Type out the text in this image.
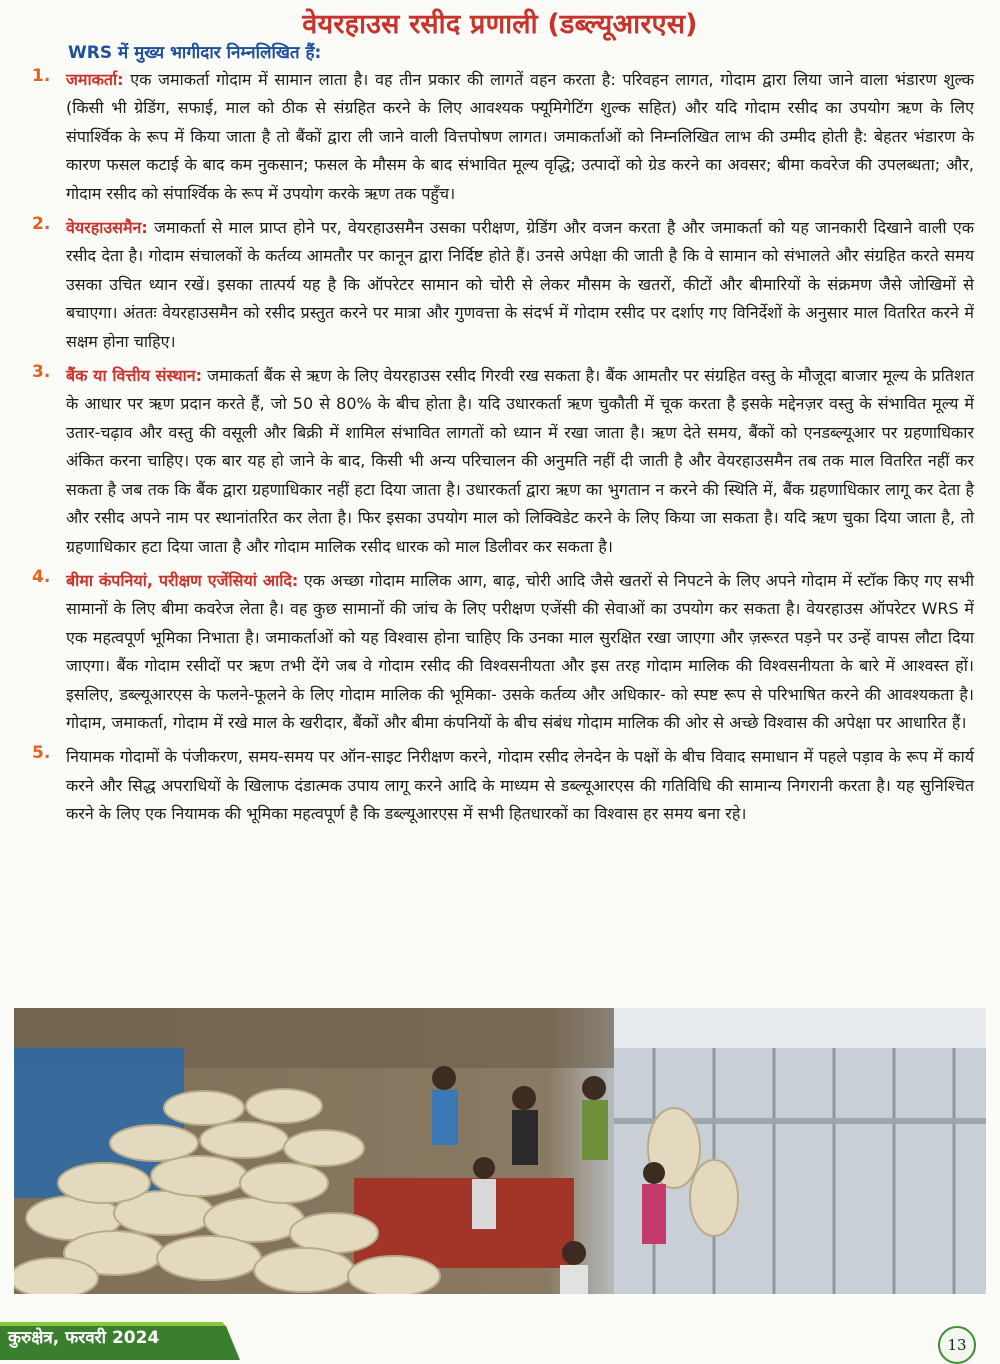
वेयरहाउस रसीद प्रणाली (डब्ल्यूआरएस)
WRS में मुख्य भागीदार निम्नलिखित हैं:
1. जमाकर्ता: एक जमाकर्ता गोदाम में सामान लाता है। वह तीन प्रकार की लागतें वहन करता है: परिवहन लागत, गोदाम द्वारा लिया जाने वाला भंडारण शुल्क (किसी भी ग्रेडिंग, सफाई, माल को ठीक से संग्रहित करने के लिए आवश्यक फ्यूमिगेटिंग शुल्क सहित) और यदि गोदाम रसीद का उपयोग ऋण के लिए संपार्श्विक के रूप में किया जाता है तो बैंकों द्वारा ली जाने वाली वित्तपोषण लागत। जमाकर्ताओं को निम्नलिखित लाभ की उम्मीद होती है: बेहतर भंडारण के कारण फसल कटाई के बाद कम नुकसान; फसल के मौसम के बाद संभावित मूल्य वृद्धि; उत्पादों को ग्रेड करने का अवसर; बीमा कवरेज की उपलब्धता; और, गोदाम रसीद को संपार्श्विक के रूप में उपयोग करके ऋण तक पहुँच।
2. वेयरहाउसमैन: जमाकर्ता से माल प्राप्त होने पर, वेयरहाउसमैन उसका परीक्षण, ग्रेडिंग और वजन करता है और जमाकर्ता को यह जानकारी दिखाने वाली एक रसीद देता है। गोदाम संचालकों के कर्तव्य आमतौर पर कानून द्वारा निर्दिष्ट होते हैं। उनसे अपेक्षा की जाती है कि वे सामान को संभालते और संग्रहित करते समय उसका उचित ध्यान रखें। इसका तात्पर्य यह है कि ऑपरेटर सामान को चोरी से लेकर मौसम के खतरों, कीटों और बीमारियों के संक्रमण जैसे जोखिमों से बचाएगा। अंततः वेयरहाउसमैन को रसीद प्रस्तुत करने पर मात्रा और गुणवत्ता के संदर्भ में गोदाम रसीद पर दर्शाए गए विनिर्देशों के अनुसार माल वितरित करने में सक्षम होना चाहिए।
3. बैंक या वित्तीय संस्थान: जमाकर्ता बैंक से ऋण के लिए वेयरहाउस रसीद गिरवी रख सकता है। बैंक आमतौर पर संग्रहित वस्तु के मौजूदा बाजार मूल्य के प्रतिशत के आधार पर ऋण प्रदान करते हैं, जो 50 से 80% के बीच होता है। यदि उधारकर्ता ऋण चुकौती में चूक करता है इसके मद्देनज़र वस्तु के संभावित मूल्य में उतार-चढ़ाव और वस्तु की वसूली और बिक्री में शामिल संभावित लागतों को ध्यान में रखा जाता है। ऋण देते समय, बैंकों को एनडब्ल्यूआर पर ग्रहणाधिकार अंकित करना चाहिए। एक बार यह हो जाने के बाद, किसी भी अन्य परिचालन की अनुमति नहीं दी जाती है और वेयरहाउसमैन तब तक माल वितरित नहीं कर सकता है जब तक कि बैंक द्वारा ग्रहणाधिकार नहीं हटा दिया जाता है। उधारकर्ता द्वारा ऋण का भुगतान न करने की स्थिति में, बैंक ग्रहणाधिकार लागू कर देता है और रसीद अपने नाम पर स्थानांतरित कर लेता है। फिर इसका उपयोग माल को लिक्विडेट करने के लिए किया जा सकता है। यदि ऋण चुका दिया जाता है, तो ग्रहणाधिकार हटा दिया जाता है और गोदाम मालिक रसीद धारक को माल डिलीवर कर सकता है।
4. बीमा कंपनियां, परीक्षण एजेंसियां आदि: एक अच्छा गोदाम मालिक आग, बाढ़, चोरी आदि जैसे खतरों से निपटने के लिए अपने गोदाम में स्टॉक किए गए सभी सामानों के लिए बीमा कवरेज लेता है। वह कुछ सामानों की जांच के लिए परीक्षण एजेंसी की सेवाओं का उपयोग कर सकता है। वेयरहाउस ऑपरेटर WRS में एक महत्वपूर्ण भूमिका निभाता है। जमाकर्ताओं को यह विश्वास होना चाहिए कि उनका माल सुरक्षित रखा जाएगा और ज़रूरत पड़ने पर उन्हें वापस लौटा दिया जाएगा। बैंक गोदाम रसीदों पर ऋण तभी देंगे जब वे गोदाम रसीद की विश्वसनीयता और इस तरह गोदाम मालिक की विश्वसनीयता के बारे में आश्वस्त हों। इसलिए, डब्ल्यूआरएस के फलने-फूलने के लिए गोदाम मालिक की भूमिका- उसके कर्तव्य और अधिकार- को स्पष्ट रूप से परिभाषित करने की आवश्यकता है। गोदाम, जमाकर्ता, गोदाम में रखे माल के खरीदार, बैंकों और बीमा कंपनियों के बीच संबंध गोदाम मालिक की ओर से अच्छे विश्वास की अपेक्षा पर आधारित हैं।
5. नियामक गोदामों के पंजीकरण, समय-समय पर ऑन-साइट निरीक्षण करने, गोदाम रसीद लेनदेन के पक्षों के बीच विवाद समाधान में पहले पड़ाव के रूप में कार्य करने और सिद्ध अपराधियों के खिलाफ दंडात्मक उपाय लागू करने आदि के माध्यम से डब्ल्यूआरएस की गतिविधि की सामान्य निगरानी करता है। यह सुनिश्चित करने के लिए एक नियामक की भूमिका महत्वपूर्ण है कि डब्ल्यूआरएस में सभी हितधारकों का विश्वास हर समय बना रहे।
कुरुक्षेत्र, फरवरी 2024	13
